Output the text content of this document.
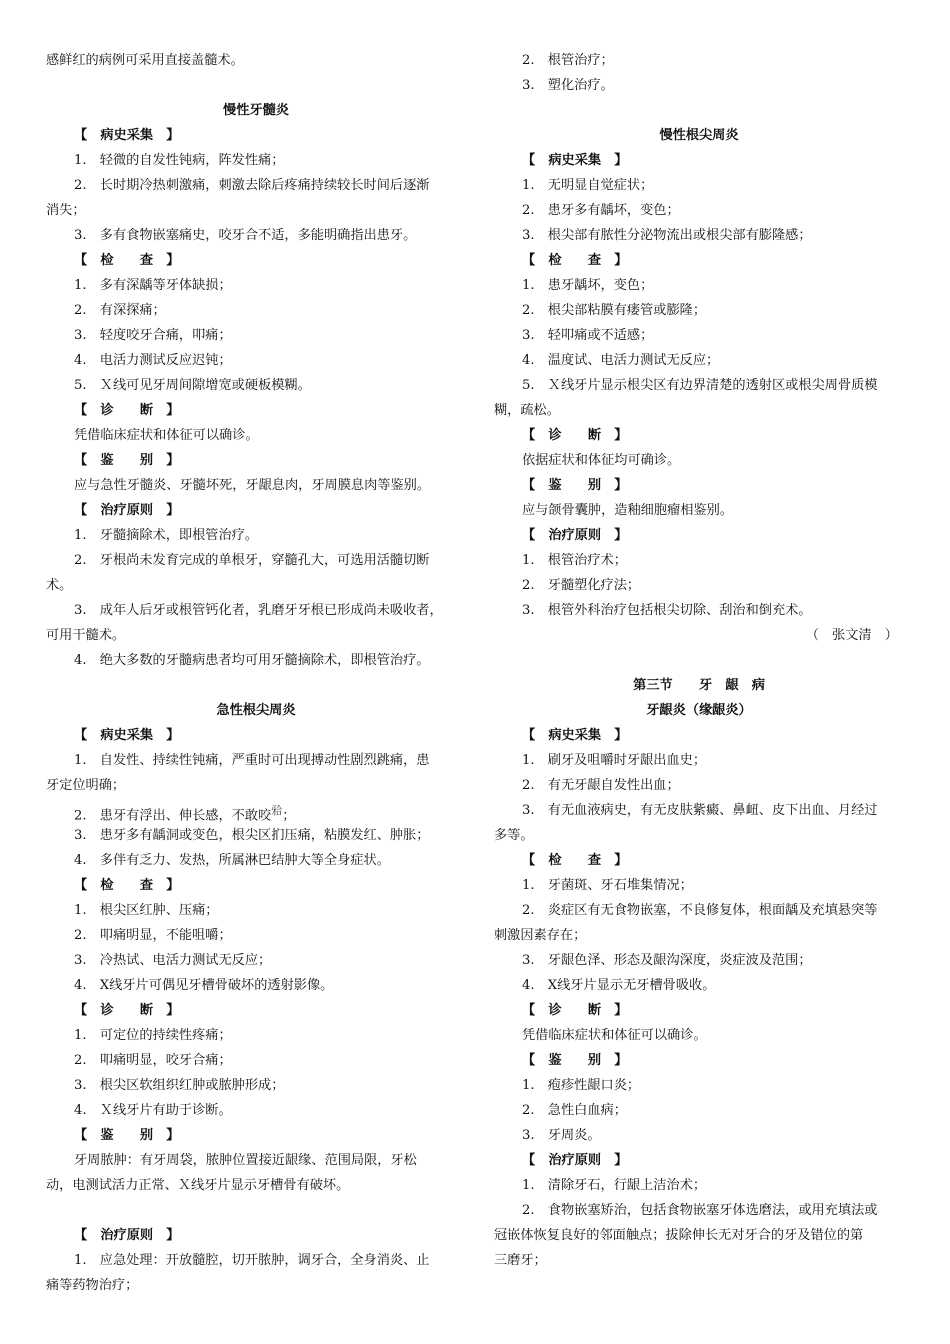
感鲜红的病例可采用直接盖髓术。
慢性牙髓炎
【　病史采集　】
1.　轻微的自发性钝病，阵发性痛；
2.　长时期冷热刺激痛，刺激去除后疼痛持续较长时间后逐渐
消失；
3.　多有食物嵌塞痛史，咬牙合不适，多能明确指出患牙。
【　检　　查　】
1.　多有深龋等牙体缺损；
2.　有深探痛；
3.　轻度咬牙合痛，叩痛；
4.　电活力测试反应迟钝；
5.　Ｘ线可见牙周间隙增宽或硬板模糊。
【　诊　　断　】
凭借临床症状和体征可以确诊。
【　鉴　　别　】
应与急性牙髓炎、牙髓坏死，牙龈息肉，牙周膜息肉等鉴别。
【　治疗原则　】
1.　牙髓摘除术，即根管治疗。
2.　牙根尚未发育完成的单根牙，穿髓孔大，可选用活髓切断
术。
3.　成年人后牙或根管钙化者，乳磨牙牙根已形成尚未吸收者，
可用干髓术。
4.　绝大多数的牙髓病患者均可用牙髓摘除术，即根管治疗。
急性根尖周炎
【　病史采集　】
1.　自发性、持续性钝痛，严重时可出现搏动性剧烈跳痛，患
牙定位明确；
2.　患牙有浮出、伸长感，不敢咬$^𬌗$；
3.　患牙多有龋洞或变色，根尖区扪压痛，粘膜发红、肿胀；
4.　多伴有乏力、发热，所属淋巴结肿大等全身症状。
【　检　　查　】
1.　根尖区红肿、压痛；
2.　叩痛明显，不能咀嚼；
3.　冷热试、电活力测试无反应；
4.　X线牙片可偶见牙槽骨破坏的透射影像。
【　诊　　断　】
1.　可定位的持续性疼痛；
2.　叩痛明显，咬牙合痛；
3.　根尖区软组织红肿或脓肿形成；
4.　Ｘ线牙片有助于诊断。
【　鉴　　别　】
牙周脓肿：有牙周袋，脓肿位置接近龈缘、范围局限，牙松
动，电测试活力正常、Ｘ线牙片显示牙槽骨有破坏。
【　治疗原则　】
1.　应急处理：开放髓腔，切开脓肿，调牙合，全身消炎、止
痛等药物治疗；
2.　根管治疗；
3.　塑化治疗。
慢性根尖周炎
【　病史采集　】
1.　无明显自觉症状；
2.　患牙多有龋坏，变色；
3.　根尖部有脓性分泌物流出或根尖部有膨隆感；
【　检　　查　】
1.　患牙龋坏，变色；
2.　根尖部粘膜有瘘管或膨隆；
3.　轻叩痛或不适感；
4.　温度试、电活力测试无反应；
5.　Ｘ线牙片显示根尖区有边界清楚的透射区或根尖周骨质模
糊，疏松。
【　诊　　断　】
依据症状和体征均可确诊。
【　鉴　　别　】
应与颌骨囊肿，造釉细胞瘤相鉴别。
【　治疗原则　】
1.　根管治疗术；
2.　牙髓塑化疗法；
3.　根管外科治疗包括根尖切除、刮治和倒充术。
（　张文清　）
第三节　　牙　龈　病
牙龈炎（缘龈炎）
【　病史采集　】
1.　刷牙及咀嚼时牙龈出血史；
2.　有无牙龈自发性出血；
3.　有无血液病史，有无皮肤紫癜、鼻衄、皮下出血、月经过
多等。
【　检　　查　】
1.　牙菌斑、牙石堆集情况；
2.　炎症区有无食物嵌塞，不良修复体，根面龋及充填悬突等
刺激因素存在；
3.　牙龈色泽、形态及龈沟深度，炎症波及范围；
4.　X线牙片显示无牙槽骨吸收。
【　诊　　断　】
凭借临床症状和体征可以确诊。
【　鉴　　别　】
1.　疱疹性龈口炎；
2.　急性白血病；
3.　牙周炎。
【　治疗原则　】
1.　清除牙石，行龈上洁治术；
2.　食物嵌塞矫治，包括食物嵌塞牙体选磨法，或用充填法或
冠嵌体恢复良好的邻面触点；拔除伸长无对牙合的牙及错位的第
三磨牙；
